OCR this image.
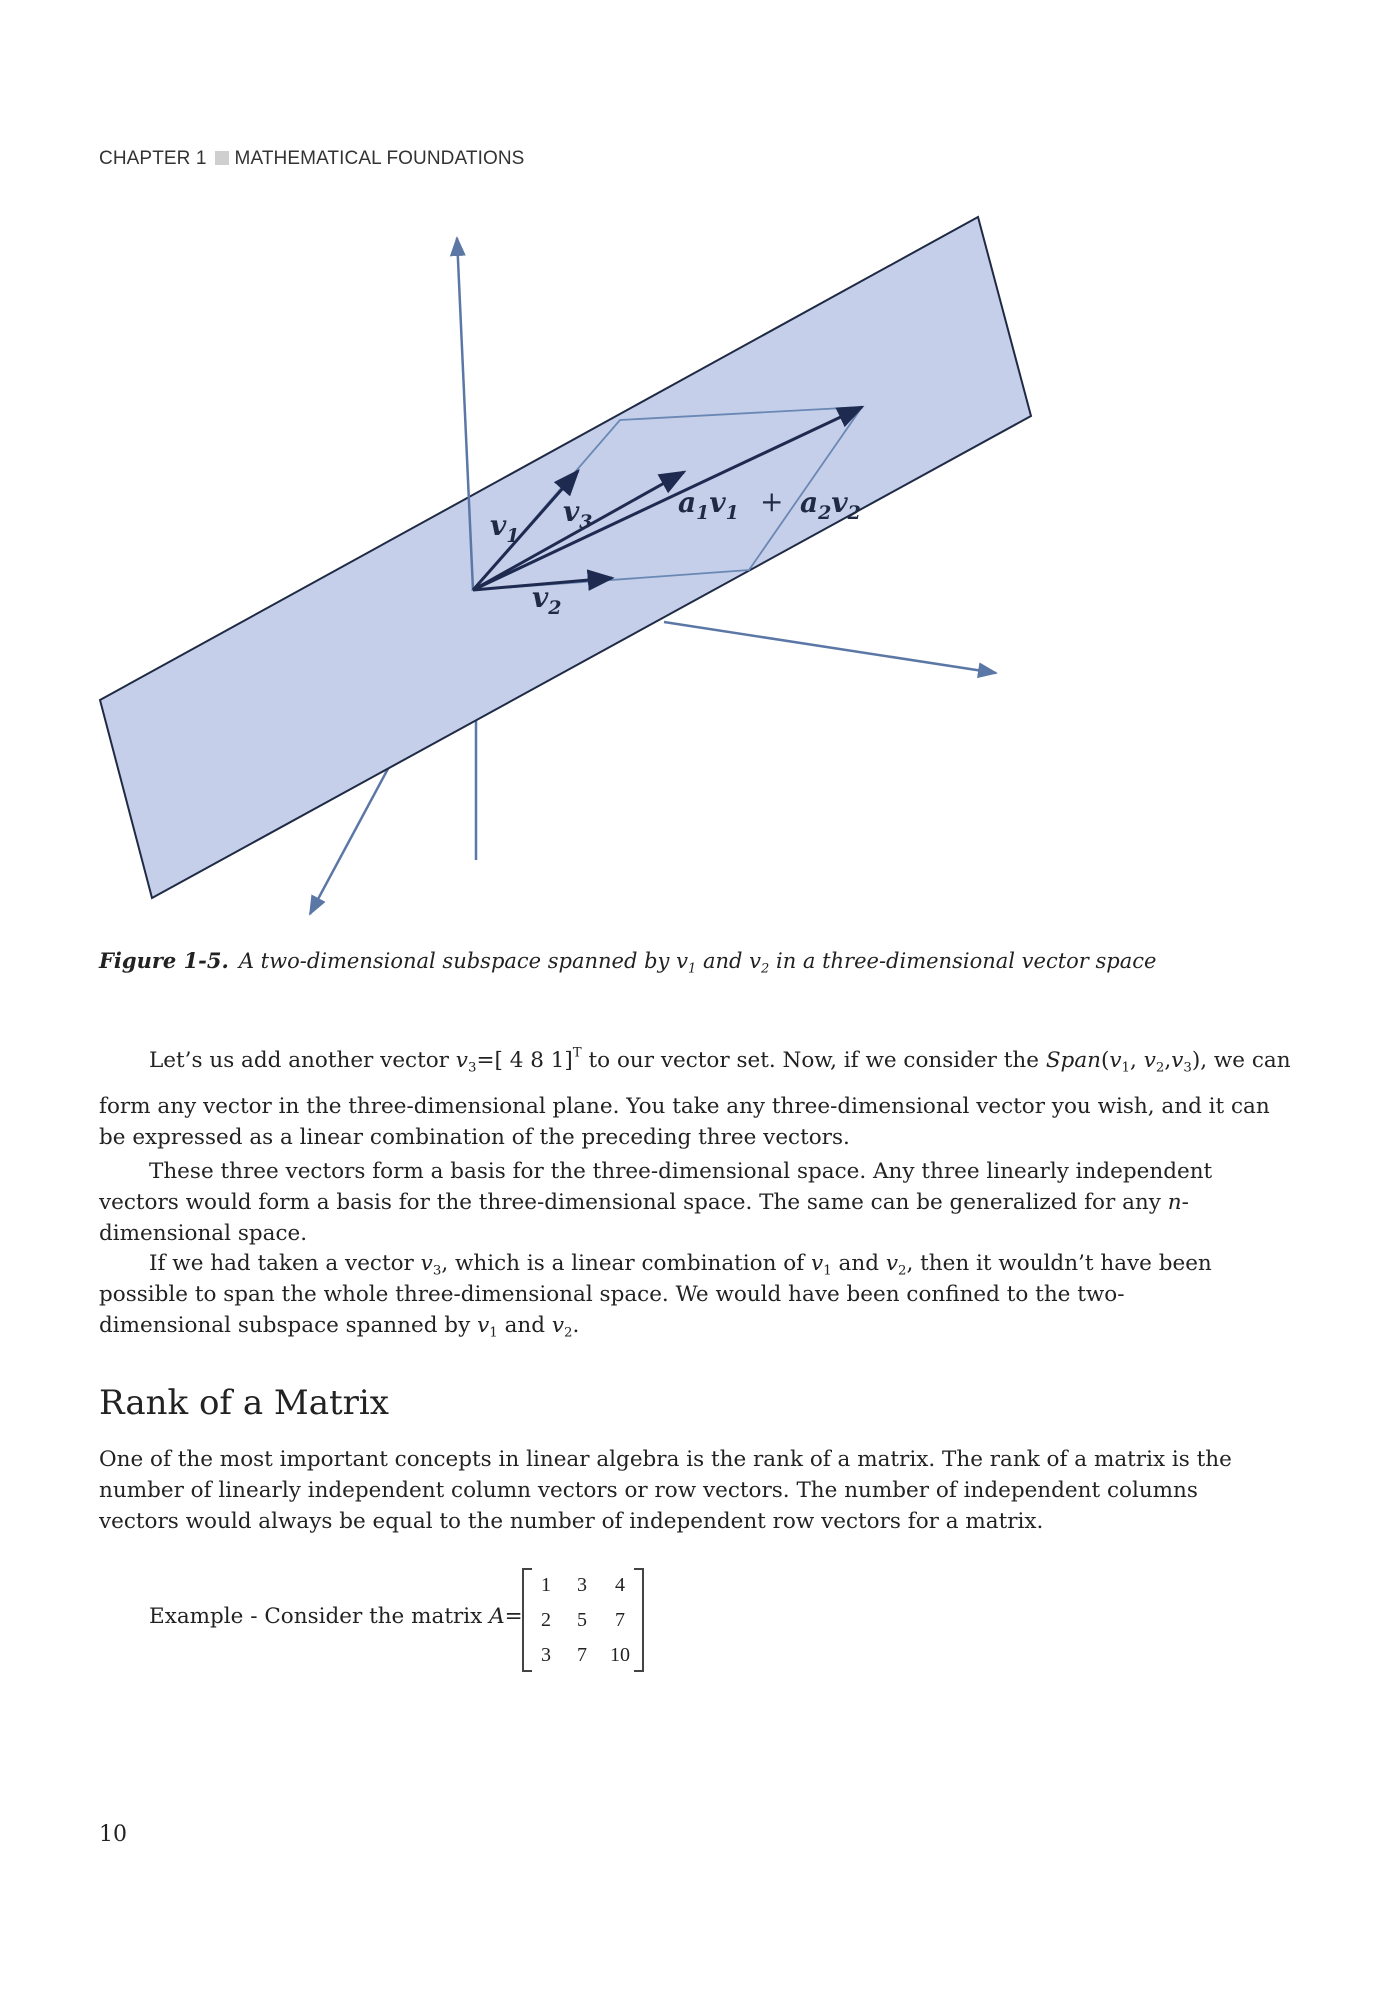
CHAPTER 1 MATHEMATICAL FOUNDATIONS
$v_1$
$v_3$
$v_2$
$a_1v_1 + a_2v_2$
Figure 1-5. A two-dimensional subspace spanned by $v_1$ and $v_2$ in a three-dimensional vector space
Let’s us add another vector $v_3=$[ 4 8 1]$^T$ to our vector set. Now, if we consider the $Span(v_1$, $v_2,v_3$), we can
form any vector in the three-dimensional plane. You take any three-dimensional vector you wish, and it can
be expressed as a linear combination of the preceding three vectors.
These three vectors form a basis for the three-dimensional space. Any three linearly independent vectors would form a basis for the three-dimensional space. The same can be generalized for any n-dimensional space.
If we had taken a vector $v_3$, which is a linear combination of $v_1$ and $v_2$, then it wouldn’t have been possible to span the whole three-dimensional space. We would have been confined to the two-dimensional subspace spanned by $v_1$ and $v_2$.
Rank of a Matrix
One of the most important concepts in linear algebra is the rank of a matrix. The rank of a matrix is the number of linearly independent column vectors or row vectors. The number of independent columns vectors would always be equal to the number of independent row vectors for a matrix.
Example - Consider the matrix A=
1	3	4
2	5	7
3	7	10
10
